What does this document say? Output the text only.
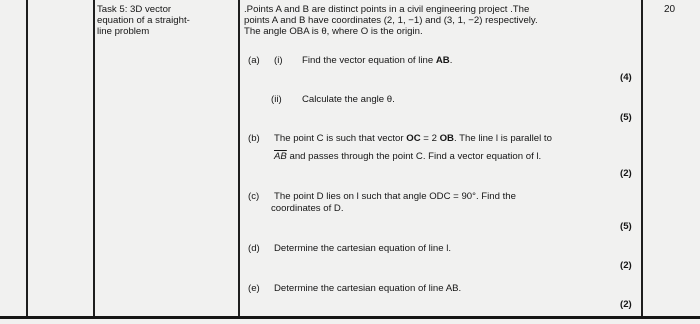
Task 5: 3D vector
equation of a straight-
line problem
.Points A and B are distinct points in a civil engineering project .The
points A and B have coordinates (2, 1, −1) and (3, 1, −2) respectively.
The angle OBA is θ, where O is the origin.
20
(a) (i) Find the vector equation of line AB.
(4)
(ii) Calculate the angle θ.
(5)
(b) The point C is such that vector OC = 2 OB. The line l is parallel to
$\overline{AB}$ and passes through the point C. Find a vector equation of l.
(2)
(c) The point D lies on l such that angle ODC = 90°. Find the
coordinates of D.
(5)
(d) Determine the cartesian equation of line l.
(2)
(e) Determine the cartesian equation of line AB.
(2)
